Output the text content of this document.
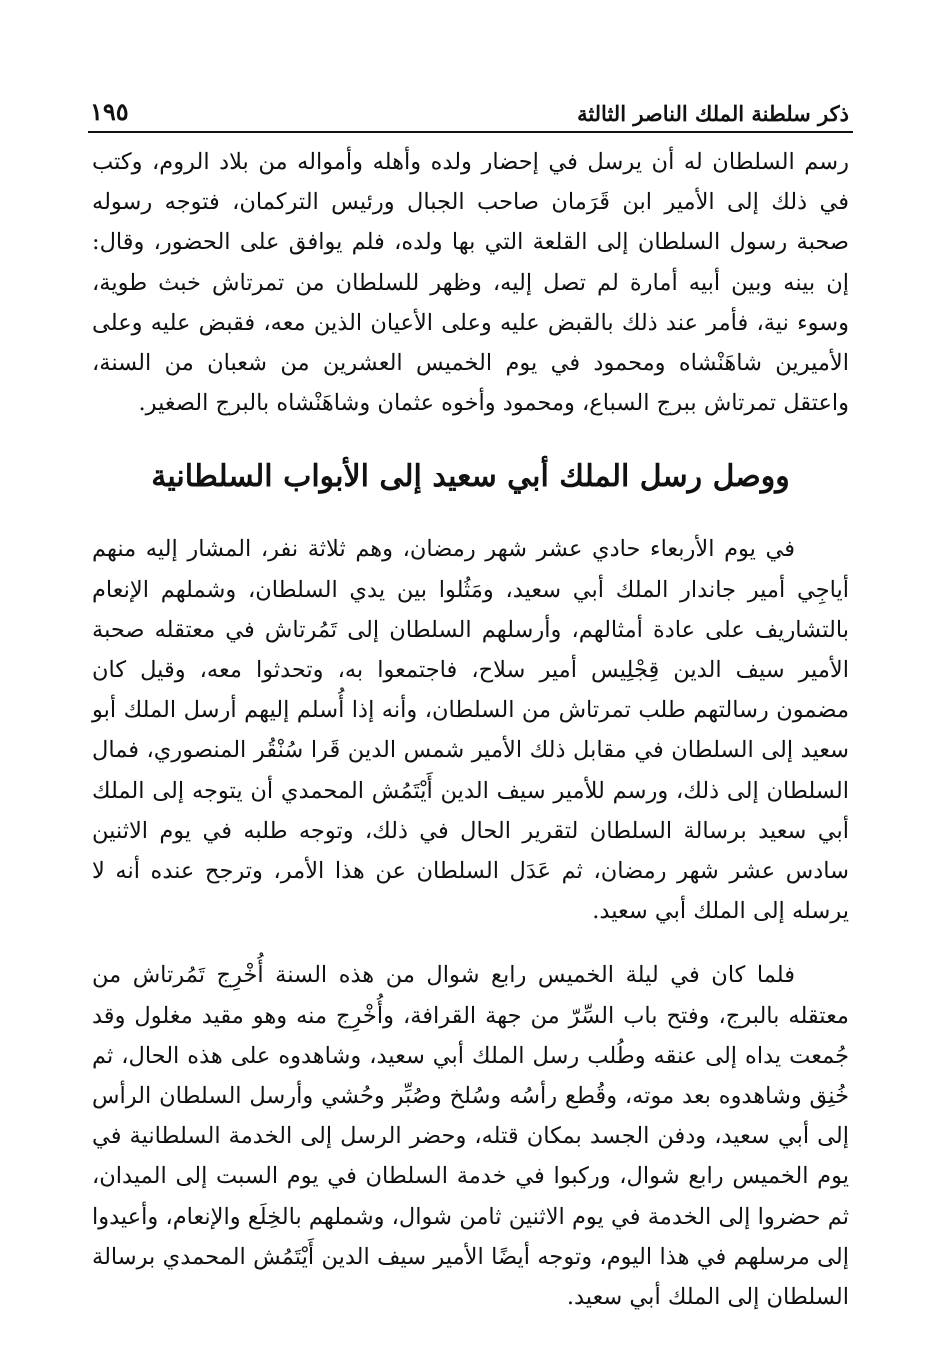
ذكر سلطنة الملك الناصر الثالثة
١٩٥

رسم السلطان له أن يرسل في إحضار ولده وأهله وأمواله من بلاد الروم، وكتب في ذلك إلى الأمير ابن قَرَمان صاحب الجبال ورئيس التركمان، فتوجه رسوله صحبة رسول السلطان إلى القلعة التي بها ولده، فلم يوافق على الحضور، وقال: إن بينه وبين أبيه أمارة لم تصل إليه، وظهر للسلطان من تمرتاش خبث طوية، وسوء نية، فأمر عند ذلك بالقبض عليه وعلى الأعيان الذين معه، فقبض عليه وعلى الأميرين شاهَنْشاه ومحمود في يوم الخميس العشرين من شعبان من السنة، واعتقل تمرتاش ببرج السباع، ومحمود وأخوه عثمان وشاهَنْشاه بالبرج الصغير.

ووصل رسل الملك أبي سعيد إلى الأبواب السلطانية

في يوم الأربعاء حادي عشر شهر رمضان، وهم ثلاثة نفر، المشار إليه منهم أياجِي أمير جاندار الملك أبي سعيد، ومَثُلوا بين يدي السلطان، وشملهم الإنعام بالتشاريف على عادة أمثالهم، وأرسلهم السلطان إلى تَمُرتاش في معتقله صحبة الأمير سيف الدين قِجْلِيس أمير سلاح، فاجتمعوا به، وتحدثوا معه، وقيل كان مضمون رسالتهم طلب تمرتاش من السلطان، وأنه إذا أُسلم إليهم أرسل الملك أبو سعيد إلى السلطان في مقابل ذلك الأمير شمس الدين قَرا سُنْقُر المنصوري، فمال السلطان إلى ذلك، ورسم للأمير سيف الدين أَيْتَمُش المحمدي أن يتوجه إلى الملك أبي سعيد برسالة السلطان لتقرير الحال في ذلك، وتوجه طلبه في يوم الاثنين سادس عشر شهر رمضان، ثم عَدَل السلطان عن هذا الأمر، وترجح عنده أنه لا يرسله إلى الملك أبي سعيد.

فلما كان في ليلة الخميس رابع شوال من هذه السنة أُخْرِج تَمُرتاش من معتقله بالبرج، وفتح باب السِّرّ من جهة القرافة، وأُخْرِج منه وهو مقيد مغلول وقد جُمعت يداه إلى عنقه وطُلب رسل الملك أبي سعيد، وشاهدوه على هذه الحال، ثم خُنِق وشاهدوه بعد موته، وقُطع رأسُه وسُلخ وصُبِّر وحُشي وأرسل السلطان الرأس إلى أبي سعيد، ودفن الجسد بمكان قتله، وحضر الرسل إلى الخدمة السلطانية في يوم الخميس رابع شوال، وركبوا في خدمة السلطان في يوم السبت إلى الميدان، ثم حضروا إلى الخدمة في يوم الاثنين ثامن شوال، وشملهم بالخِلَع والإنعام، وأعيدوا إلى مرسلهم في هذا اليوم، وتوجه أيضًا الأمير سيف الدين أَيْتَمُش المحمدي برسالة السلطان إلى الملك أبي سعيد.
